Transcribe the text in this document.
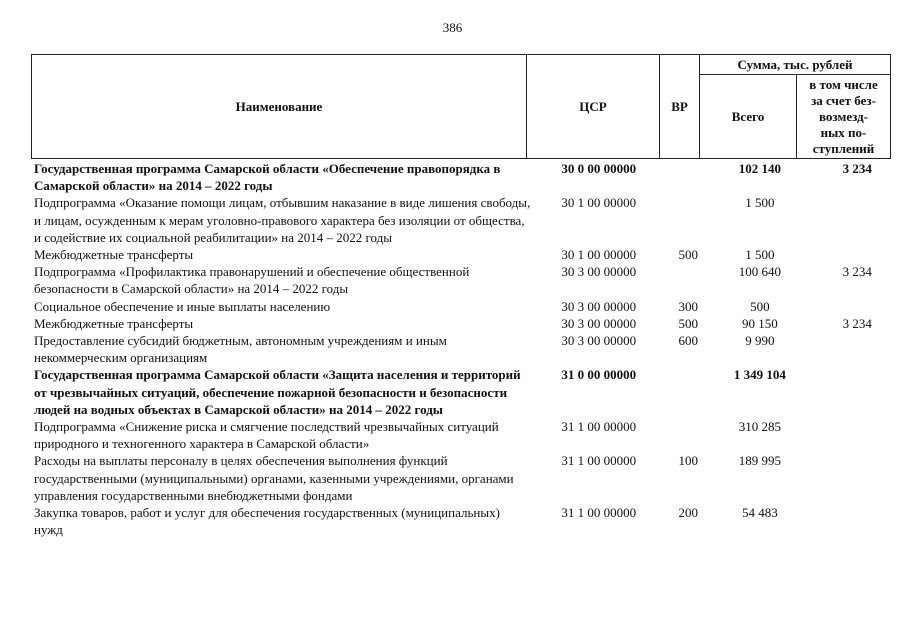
386
Наименование	ЦСР	ВР
Сумма, тыс. рублей
Всего
в том числе
за счет без-
возмезд-
ных по-
ступлений
Государственная программа Самарской области «Обеспечение правопорядка в Самарской области» на 2014 – 2022 годы	30 0 00 00000		102 140	3 234
Подпрограмма «Оказание помощи лицам, отбывшим наказание в виде лишения свободы, и лицам, осужденным к мерам уголовно-правового характера без изоляции от общества, и содействие их социальной реабилитации» на 2014 – 2022 годы	30 1 00 00000		1 500	
Межбюджетные трансферты	30 1 00 00000	500	1 500	
Подпрограмма «Профилактика правонарушений и обеспечение общественной безопасности в Самарской области» на 2014 – 2022 годы	30 3 00 00000		100 640	3 234
Социальное обеспечение и иные выплаты населению	30 3 00 00000	300	500	
Межбюджетные трансферты	30 3 00 00000	500	90 150	3 234
Предоставление субсидий бюджетным, автономным учреждениям и иным некоммерческим организациям	30 3 00 00000	600	9 990	
Государственная программа Самарской области «Защита населения и территорий от чрезвычайных ситуаций, обеспечение пожарной безопасности и безопасности людей на водных объектах в Самарской области» на 2014 – 2022 годы	31 0 00 00000		1 349 104	
Подпрограмма «Снижение риска и смягчение последствий чрезвычайных ситуаций природного и техногенного характера в Самарской области»	31 1 00 00000		310 285	
Расходы на выплаты персоналу в целях обеспечения выполнения функций государственными (муниципальными) органами, казенными учреждениями, органами управления государственными внебюджетными фондами	31 1 00 00000	100	189 995	
Закупка товаров, работ и услуг для обеспечения государственных (муниципальных) нужд	31 1 00 00000	200	54 483	
